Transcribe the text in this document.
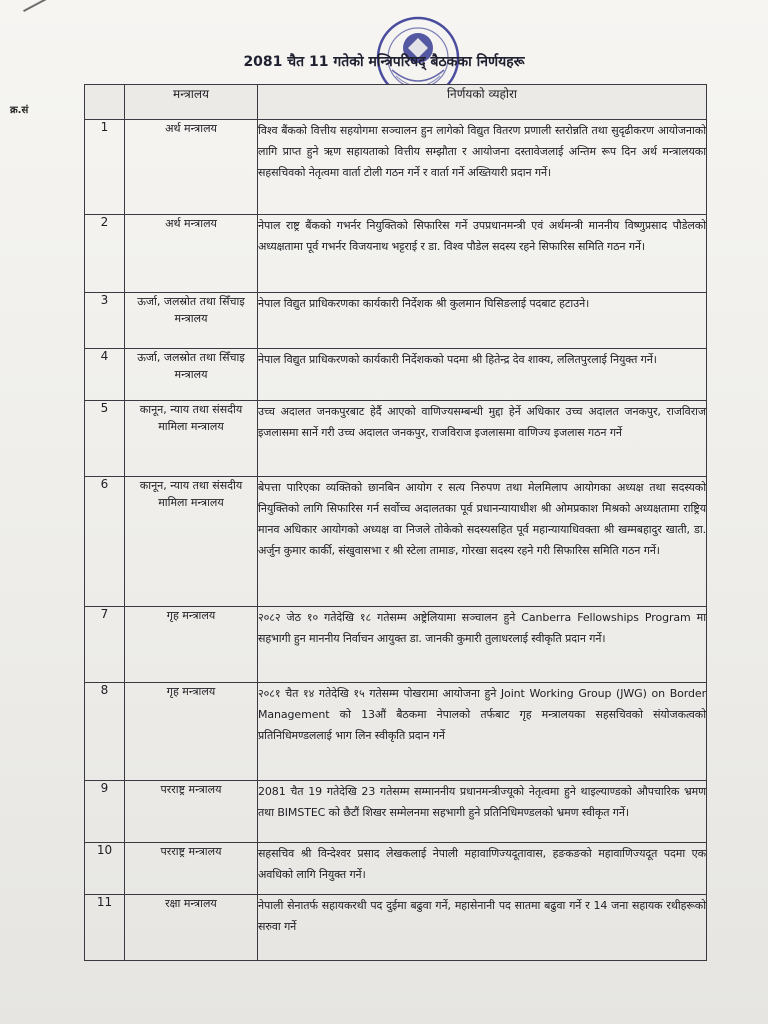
2081 चैत 11 गतेको मन्त्रिपरिषद् बैठकका निर्णयहरू
क्र.सं
	मन्त्रालय	निर्णयको व्यहोरा
1	अर्थ मन्त्रालय	विश्व बैंकको वित्तीय सहयोगमा सञ्चालन हुन लागेको विद्युत वितरण प्रणाली स्तरोन्नति तथा सुदृढीकरण आयोजनाको लागि प्राप्त हुने ऋण सहायताको वित्तीय सम्झौता र आयोजना दस्तावेजलाई अन्तिम रूप दिन अर्थ मन्त्रालयका सहसचिवको नेतृत्वमा वार्ता टोली गठन गर्ने र वार्ता गर्ने अख्तियारी प्रदान गर्ने।
2	अर्थ मन्त्रालय	नेपाल राष्ट्र बैंकको गभर्नर नियुक्तिको सिफारिस गर्ने उपप्रधानमन्त्री एवं अर्थमन्त्री माननीय विष्णुप्रसाद पौडेलको अध्यक्षतामा पूर्व गभर्नर विजयनाथ भट्टराई र डा. विश्व पौडेल सदस्य रहने सिफारिस समिति गठन गर्ने।
3	ऊर्जा, जलस्रोत तथा सिँचाइ मन्त्रालय	नेपाल विद्युत प्राधिकरणका कार्यकारी निर्देशक श्री कुलमान घिसिङलाई पदबाट हटाउने।
4	ऊर्जा, जलस्रोत तथा सिँचाइ मन्त्रालय	नेपाल विद्युत प्राधिकरणको कार्यकारी निर्देशकको पदमा श्री हितेन्द्र देव शाक्य, ललितपुरलाई नियुक्त गर्ने।
5	कानून, न्याय तथा संसदीय मामिला मन्त्रालय	उच्च अदालत जनकपुरबाट हेर्दै आएको वाणिज्यसम्बन्धी मुद्दा हेर्ने अधिकार उच्च अदालत जनकपुर, राजविराज इजलासमा सार्ने गरी उच्च अदालत जनकपुर, राजविराज इजलासमा वाणिज्य इजलास गठन गर्ने
6	कानून, न्याय तथा संसदीय मामिला मन्त्रालय	बेपत्ता पारिएका व्यक्तिको छानबिन आयोग र सत्य निरुपण तथा मेलमिलाप आयोगका अध्यक्ष तथा सदस्यको नियुक्तिको लागि सिफारिस गर्न सर्वोच्च अदालतका पूर्व प्रधानन्यायाधीश श्री ओमप्रकाश मिश्रको अध्यक्षतामा राष्ट्रिय मानव अधिकार आयोगको अध्यक्ष वा निजले तोकेको सदस्यसहित पूर्व महान्यायाधिवक्ता श्री खम्मबहादुर खाती, डा. अर्जुन कुमार कार्की, संखुवासभा र श्री स्टेला तामाङ, गोरखा सदस्य रहने गरी सिफारिस समिति गठन गर्ने।
7	गृह मन्त्रालय	२०८२ जेठ १० गतेदेखि १८ गतेसम्म अष्ट्रेलियामा सञ्चालन हुने Canberra Fellowships Program मा सहभागी हुन माननीय निर्वाचन आयुक्त डा. जानकी कुमारी तुलाधरलाई स्वीकृति प्रदान गर्ने।
8	गृह मन्त्रालय	२०८१ चैत १४ गतेदेखि १५ गतेसम्म पोखरामा आयोजना हुने Joint Working Group (JWG) on Border Management को 13औं बैठकमा नेपालको तर्फबाट गृह मन्त्रालयका सहसचिवको संयोजकत्वको प्रतिनिधिमण्डललाई भाग लिन स्वीकृति प्रदान गर्ने
9	परराष्ट्र मन्त्रालय	2081 चैत 19 गतेदेखि 23 गतेसम्म सम्माननीय प्रधानमन्त्रीज्यूको नेतृत्वमा हुने थाइल्याण्डको औपचारिक भ्रमण तथा BIMSTEC को छैटौं शिखर सम्मेलनमा सहभागी हुने प्रतिनिधिमण्डलको भ्रमण स्वीकृत गर्ने।
10	परराष्ट्र मन्त्रालय	सहसचिव श्री विन्देश्वर प्रसाद लेखकलाई नेपाली महावाणिज्यदूतावास, हङकङको महावाणिज्यदूत पदमा एक अवधिको लागि नियुक्त गर्ने।
11	रक्षा मन्त्रालय	नेपाली सेनातर्फ सहायकरथी पद दुईमा बढुवा गर्ने, महासेनानी पद सातमा बढुवा गर्ने र 14 जना सहायक रथीहरूको सरुवा गर्ने
